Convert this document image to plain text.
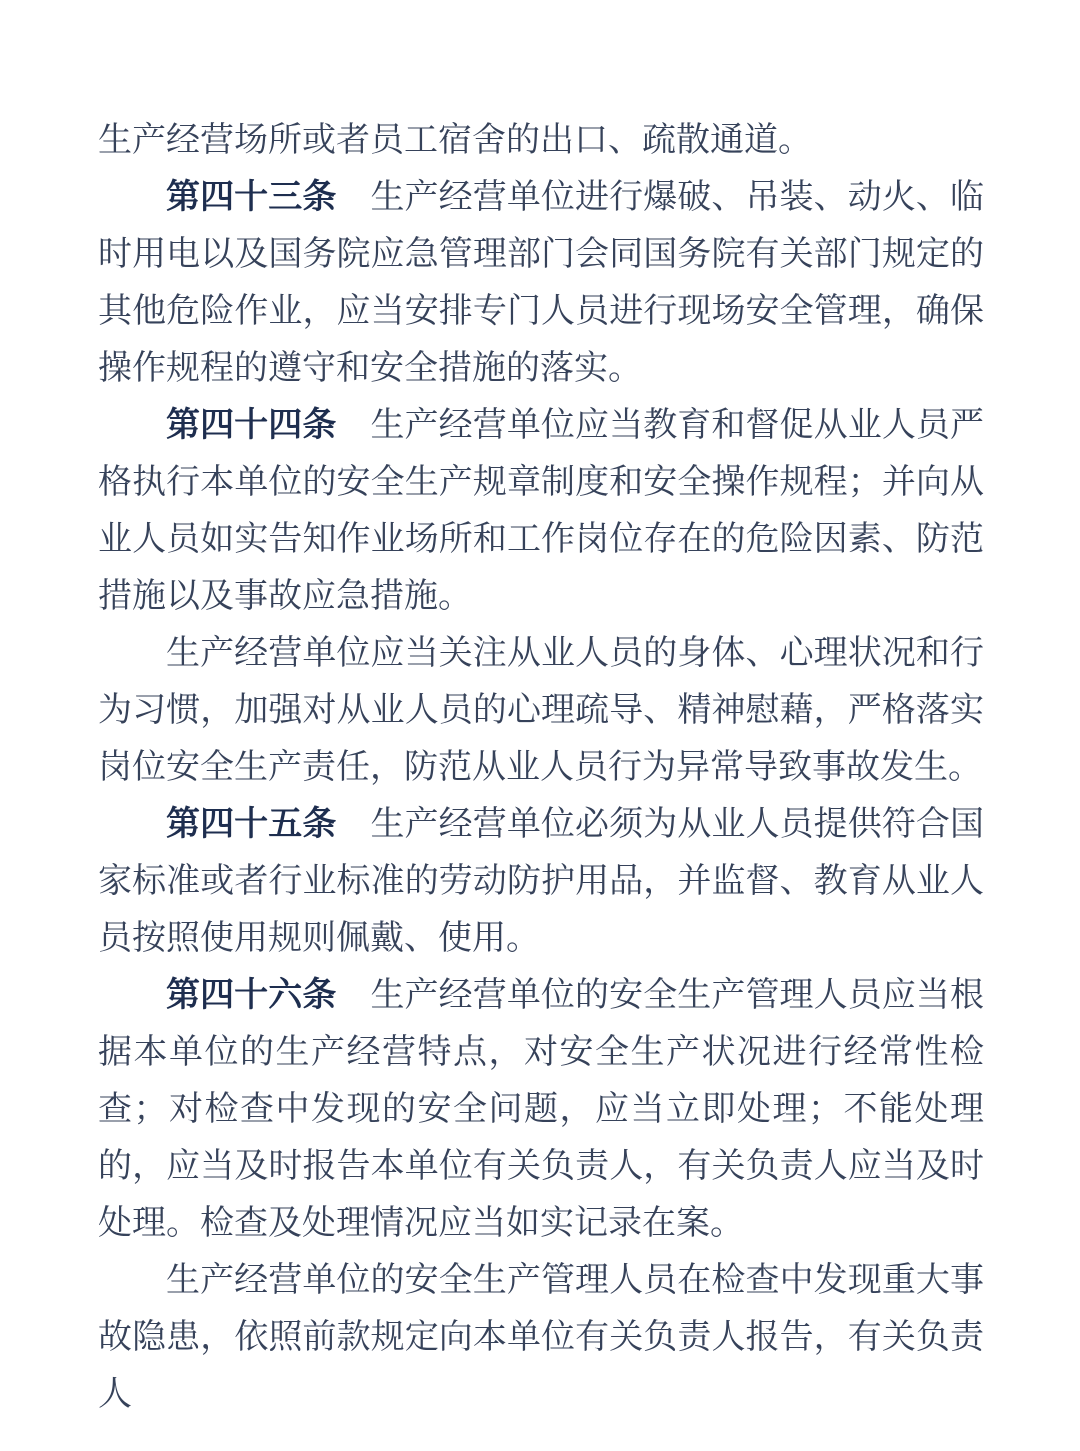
生产经营场所或者员工宿舍的出口、疏散通道。

第四十三条 生产经营单位进行爆破、吊装、动火、临时用电以及国务院应急管理部门会同国务院有关部门规定的其他危险作业，应当安排专门人员进行现场安全管理，确保操作规程的遵守和安全措施的落实。

第四十四条 生产经营单位应当教育和督促从业人员严格执行本单位的安全生产规章制度和安全操作规程；并向从业人员如实告知作业场所和工作岗位存在的危险因素、防范措施以及事故应急措施。

生产经营单位应当关注从业人员的身体、心理状况和行为习惯，加强对从业人员的心理疏导、精神慰藉，严格落实岗位安全生产责任，防范从业人员行为异常导致事故发生。

第四十五条 生产经营单位必须为从业人员提供符合国家标准或者行业标准的劳动防护用品，并监督、教育从业人员按照使用规则佩戴、使用。

第四十六条 生产经营单位的安全生产管理人员应当根据本单位的生产经营特点，对安全生产状况进行经常性检查；对检查中发现的安全问题，应当立即处理；不能处理的，应当及时报告本单位有关负责人，有关负责人应当及时处理。检查及处理情况应当如实记录在案。

生产经营单位的安全生产管理人员在检查中发现重大事故隐患，依照前款规定向本单位有关负责人报告，有关负责人
